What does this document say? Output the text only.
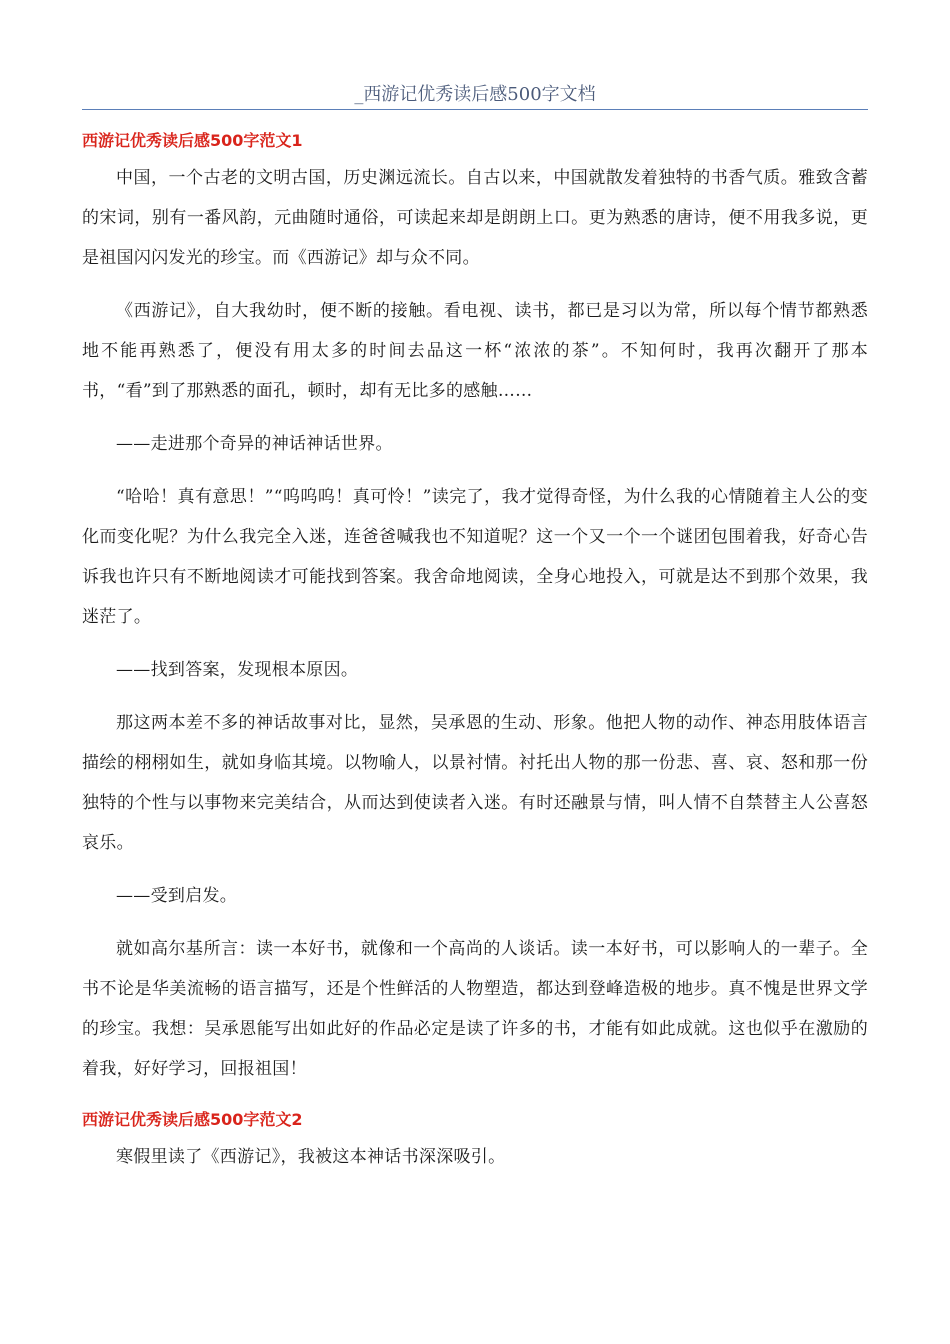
_西游记优秀读后感500字文档
西游记优秀读后感500字范文1

中国，一个古老的文明古国，历史渊远流长。自古以来，中国就散发着独特的书香气质。雅致含蓄的宋词，别有一番风韵，元曲随时通俗，可读起来却是朗朗上口。更为熟悉的唐诗，便不用我多说，更是祖国闪闪发光的珍宝。而《西游记》却与众不同。

《西游记》，自大我幼时，便不断的接触。看电视、读书，都已是习以为常，所以每个情节都熟悉地不能再熟悉了，便没有用太多的时间去品这一杯“浓浓的茶”。不知何时，我再次翻开了那本书，“看”到了那熟悉的面孔，顿时，却有无比多的感触……

——走进那个奇异的神话神话世界。

“哈哈！真有意思！”“呜呜呜！真可怜！”读完了，我才觉得奇怪，为什么我的心情随着主人公的变化而变化呢？为什么我完全入迷，连爸爸喊我也不知道呢？这一个又一个一个谜团包围着我，好奇心告诉我也许只有不断地阅读才可能找到答案。我舍命地阅读，全身心地投入，可就是达不到那个效果，我迷茫了。

——找到答案，发现根本原因。

那这两本差不多的神话故事对比，显然，吴承恩的生动、形象。他把人物的动作、神态用肢体语言描绘的栩栩如生，就如身临其境。以物喻人，以景衬情。衬托出人物的那一份悲、喜、哀、怒和那一份独特的个性与以事物来完美结合，从而达到使读者入迷。有时还融景与情，叫人情不自禁替主人公喜怒哀乐。

——受到启发。

就如高尔基所言：读一本好书，就像和一个高尚的人谈话。读一本好书，可以影响人的一辈子。全书不论是华美流畅的语言描写，还是个性鲜活的人物塑造，都达到登峰造极的地步。真不愧是世界文学的珍宝。我想：吴承恩能写出如此好的作品必定是读了许多的书，才能有如此成就。这也似乎在激励的着我，好好学习，回报祖国！

西游记优秀读后感500字范文2

寒假里读了《西游记》，我被这本神话书深深吸引。
